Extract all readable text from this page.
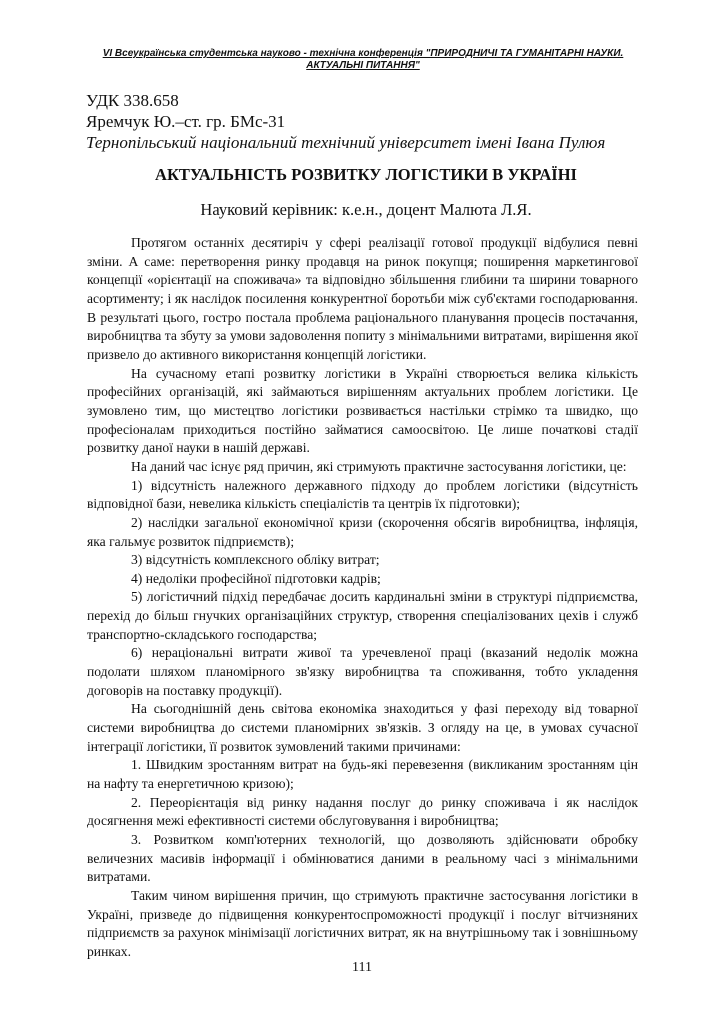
VI Всеукраїнська студентська науково - технічна конференція "ПРИРОДНИЧІ ТА ГУМАНІТАРНІ НАУКИ.
АКТУАЛЬНІ ПИТАННЯ"
УДК 338.658
Яремчук Ю.–ст. гр. БМс-31
Тернопільський національний технічний університет імені Івана Пулюя
АКТУАЛЬНІСТЬ РОЗВИТКУ ЛОГІСТИКИ В УКРАЇНІ
Науковий керівник: к.е.н., доцент Малюта Л.Я.

Протягом останніх десятиріч у сфері реалізації готової продукції відбулися певні зміни. А саме: перетворення ринку продавця на ринок покупця; поширення маркетингової концепції «орієнтації на споживача» та відповідно збільшення глибини та ширини товарного асортименту; і як наслідок посилення конкурентної боротьби між суб'єктами господарювання. В результаті цього, гостро постала проблема раціонального планування процесів постачання, виробництва та збуту за умови задоволення попиту з мінімальними витратами, вирішення якої призвело до активного використання концепцій логістики.

На сучасному етапі розвитку логістики в Україні створюється велика кількість професійних організацій, які займаються вирішенням актуальних проблем логістики. Це зумовлено тим, що мистецтво логістики розвивається настільки стрімко та швидко, що професіоналам приходиться постійно займатися самоосвітою. Це лише початкові стадії розвитку даної науки в нашій державі.

На даний час існує ряд причин, які стримують практичне застосування логістики, це:

1) відсутність належного державного підходу до проблем логістики (відсутність відповідної бази, невелика кількість спеціалістів та центрів їх підготовки);

2) наслідки загальної економічної кризи (скорочення обсягів виробництва, інфляція, яка гальмує розвиток підприємств);

3) відсутність комплексного обліку витрат;

4) недоліки професійної підготовки кадрів;

5) логістичний підхід передбачає досить кардинальні зміни в структурі підприємства, перехід до більш гнучких організаційних структур, створення спеціалізованих цехів і служб транспортно-складського господарства;

6) нераціональні витрати живої та уречевленої праці (вказаний недолік можна подолати шляхом планомірного зв'язку виробництва та споживання, тобто укладення договорів на поставку продукції).

На сьогоднішній день світова економіка знаходиться у фазі переходу від товарної системи виробництва до системи планомірних зв'язків. З огляду на це, в умовах сучасної інтеграції логістики, її розвиток зумовлений такими причинами:

1. Швидким зростанням витрат на будь-які перевезення (викликаним зростанням цін на нафту та енергетичною кризою);

2. Переорієнтація від ринку надання послуг до ринку споживача і як наслідок досягнення межі ефективності системи обслуговування і виробництва;

3. Розвитком комп'ютерних технологій, що дозволяють здійснювати обробку величезних масивів інформації і обмінюватися даними в реальному часі з мінімальними витратами.

Таким чином вирішення причин, що стримують практичне застосування логістики в Україні, призведе до підвищення конкурентоспроможності продукції і послуг вітчизняних підприємств за рахунок мінімізації логістичних витрат, як на внутрішньому так і зовнішньому ринках.

111
